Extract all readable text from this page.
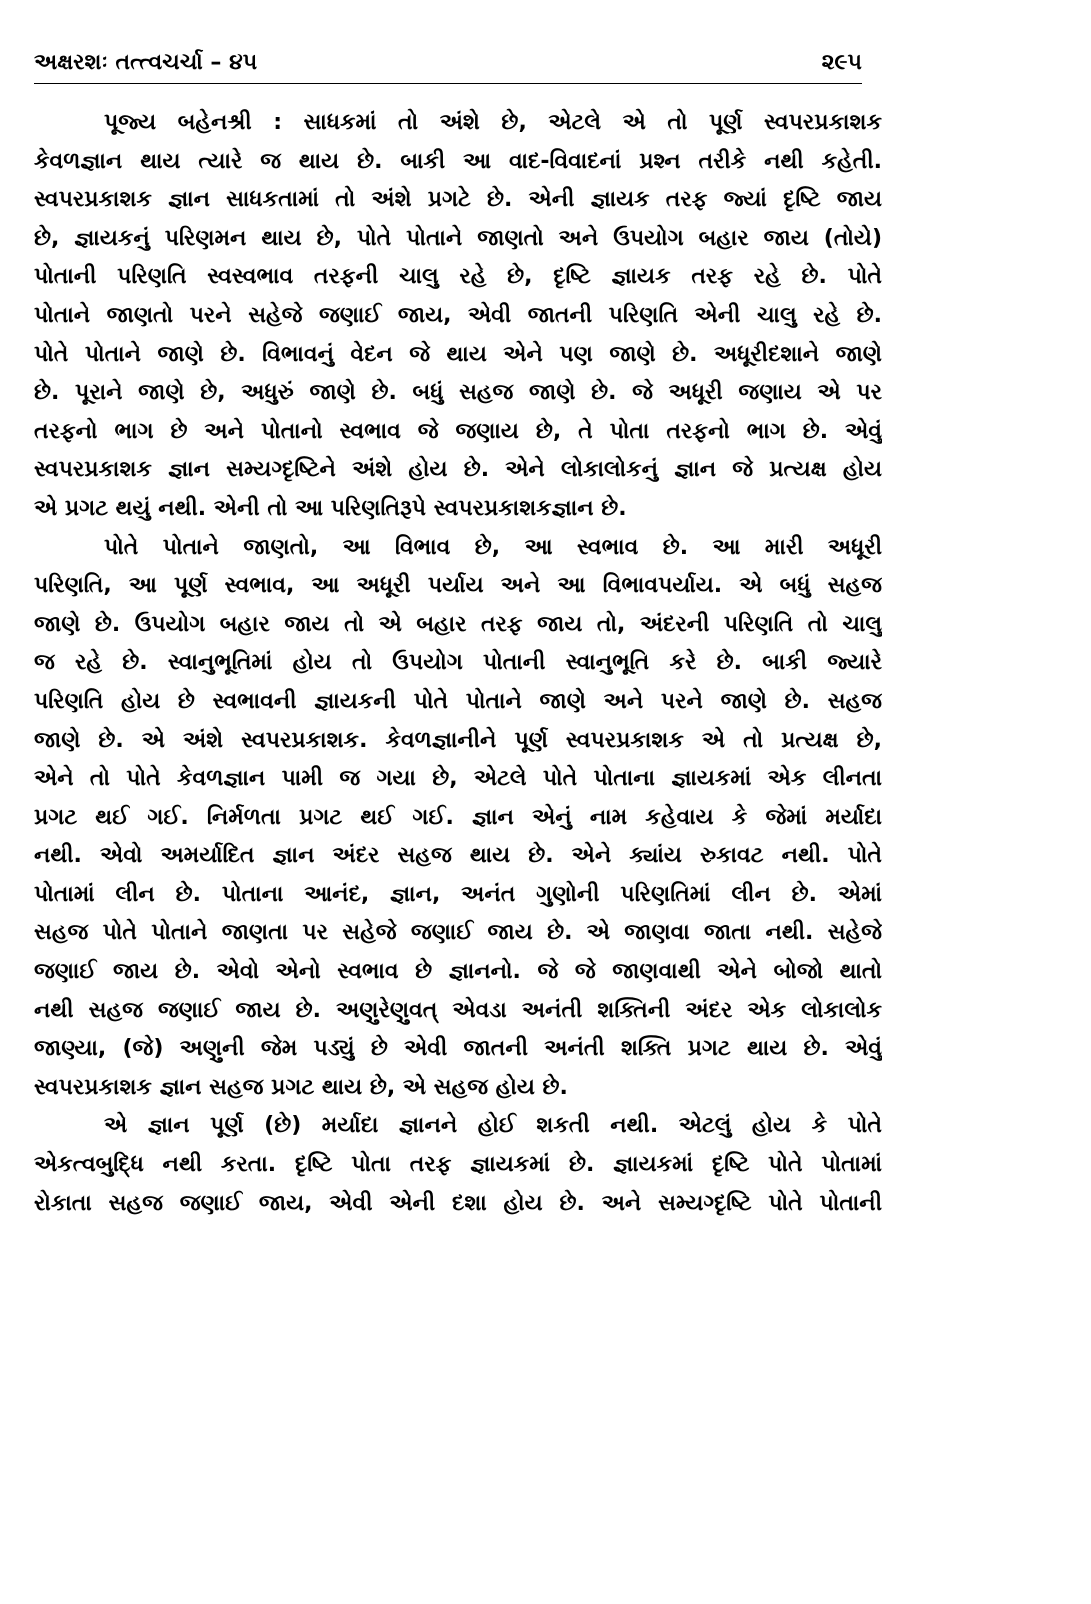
અક્ષરશઃ તત્ત્વચર્ચા – ૪૫	૨૯૫
પૂજ્ય બહેનશ્રી : સાધકમાં તો અંશે છે, એટલે એ તો પૂર્ણ સ્વપરપ્રકાશક
કેવળજ્ઞાન થાય ત્યારે જ થાય છે. બાકી આ વાદ-વિવાદનાં પ્રશ્ન તરીકે નથી કહેતી.
સ્વપરપ્રકાશક જ્ઞાન સાધકતામાં તો અંશે પ્રગટે છે. એની જ્ઞાયક તરફ જ્યાં દૃષ્ટિ જાય
છે, જ્ઞાયકનું પરિણમન થાય છે, પોતે પોતાને જાણતો અને ઉપયોગ બહાર જાય (તોયે)
પોતાની પરિણતિ સ્વસ્વભાવ તરફની ચાલુ રહે છે, દૃષ્ટિ જ્ઞાયક તરફ રહે છે. પોતે
પોતાને જાણતો પરને સહેજે જણાઈ જાય, એવી જાતની પરિણતિ એની ચાલુ રહે છે.
પોતે પોતાને જાણે છે. વિભાવનું વેદન જે થાય એને પણ જાણે છે. અધૂરીદશાને જાણે
છે. પૂરાને જાણે છે, અધુરું જાણે છે. બધું સહજ જાણે છે. જે અધૂરી જણાય એ પર
તરફનો ભાગ છે અને પોતાનો સ્વભાવ જે જણાય છે, તે પોતા તરફનો ભાગ છે. એવું
સ્વપરપ્રકાશક જ્ઞાન સમ્યગ્દૃષ્ટિને અંશે હોય છે. એને લોકાલોકનું જ્ઞાન જે પ્રત્યક્ષ હોય
એ પ્રગટ થયું નથી. એની તો આ પરિણતિરૂપે સ્વપરપ્રકાશકજ્ઞાન છે.
પોતે પોતાને જાણતો, આ વિભાવ છે, આ સ્વભાવ છે. આ મારી અધૂરી
પરિણતિ, આ પૂર્ણ સ્વભાવ, આ અધૂરી પર્યાય અને આ વિભાવપર્યાય. એ બધું સહજ
જાણે છે. ઉપયોગ બહાર જાય તો એ બહાર તરફ જાય તો, અંદરની પરિણતિ તો ચાલુ
જ રહે છે. સ્વાનુભૂતિમાં હોય તો ઉપયોગ પોતાની સ્વાનુભૂતિ કરે છે. બાકી જ્યારે
પરિણતિ હોય છે સ્વભાવની જ્ઞાયકની પોતે પોતાને જાણે અને પરને જાણે છે. સહજ
જાણે છે. એ અંશે સ્વપરપ્રકાશક. કેવળજ્ઞાનીને પૂર્ણ સ્વપરપ્રકાશક એ તો પ્રત્યક્ષ છે,
એને તો પોતે કેવળજ્ઞાન પામી જ ગયા છે, એટલે પોતે પોતાના જ્ઞાયકમાં એક લીનતા
પ્રગટ થઈ ગઈ. નિર્મળતા પ્રગટ થઈ ગઈ. જ્ઞાન એનું નામ કહેવાય કે જેમાં મર્યાદા
નથી. એવો અમર્યાદિત જ્ઞાન અંદર સહજ થાય છે. એને ક્યાંય રુકાવટ નથી. પોતે
પોતામાં લીન છે. પોતાના આનંદ, જ્ઞાન, અનંત ગુણોની પરિણતિમાં લીન છે. એમાં
સહજ પોતે પોતાને જાણતા પર સહેજે જણાઈ જાય છે. એ જાણવા જાતા નથી. સહેજે
જણાઈ જાય છે. એવો એનો સ્વભાવ છે જ્ઞાનનો. જે જે જાણવાથી એને બોજો થાતો
નથી સહજ જણાઈ જાય છે. અણુરેણુવત્ એવડા અનંતી શક્તિની અંદર એક લોકાલોક
જાણ્યા, (જે) અણુની જેમ પડ્યું છે એવી જાતની અનંતી શક્તિ પ્રગટ થાય છે. એવું
સ્વપરપ્રકાશક જ્ઞાન સહજ પ્રગટ થાય છે, એ સહજ હોય છે.
એ જ્ઞાન પૂર્ણ (છે) મર્યાદા જ્ઞાનને હોઈ શકતી નથી. એટલું હોય કે પોતે
એકત્વબુદ્ધિ નથી કરતા. દૃષ્ટિ પોતા તરફ જ્ઞાયકમાં છે. જ્ઞાયકમાં દૃષ્ટિ પોતે પોતામાં
રોકાતા સહજ જણાઈ જાય, એવી એની દશા હોય છે. અને સમ્યગ્દૃષ્ટિ પોતે પોતાની
